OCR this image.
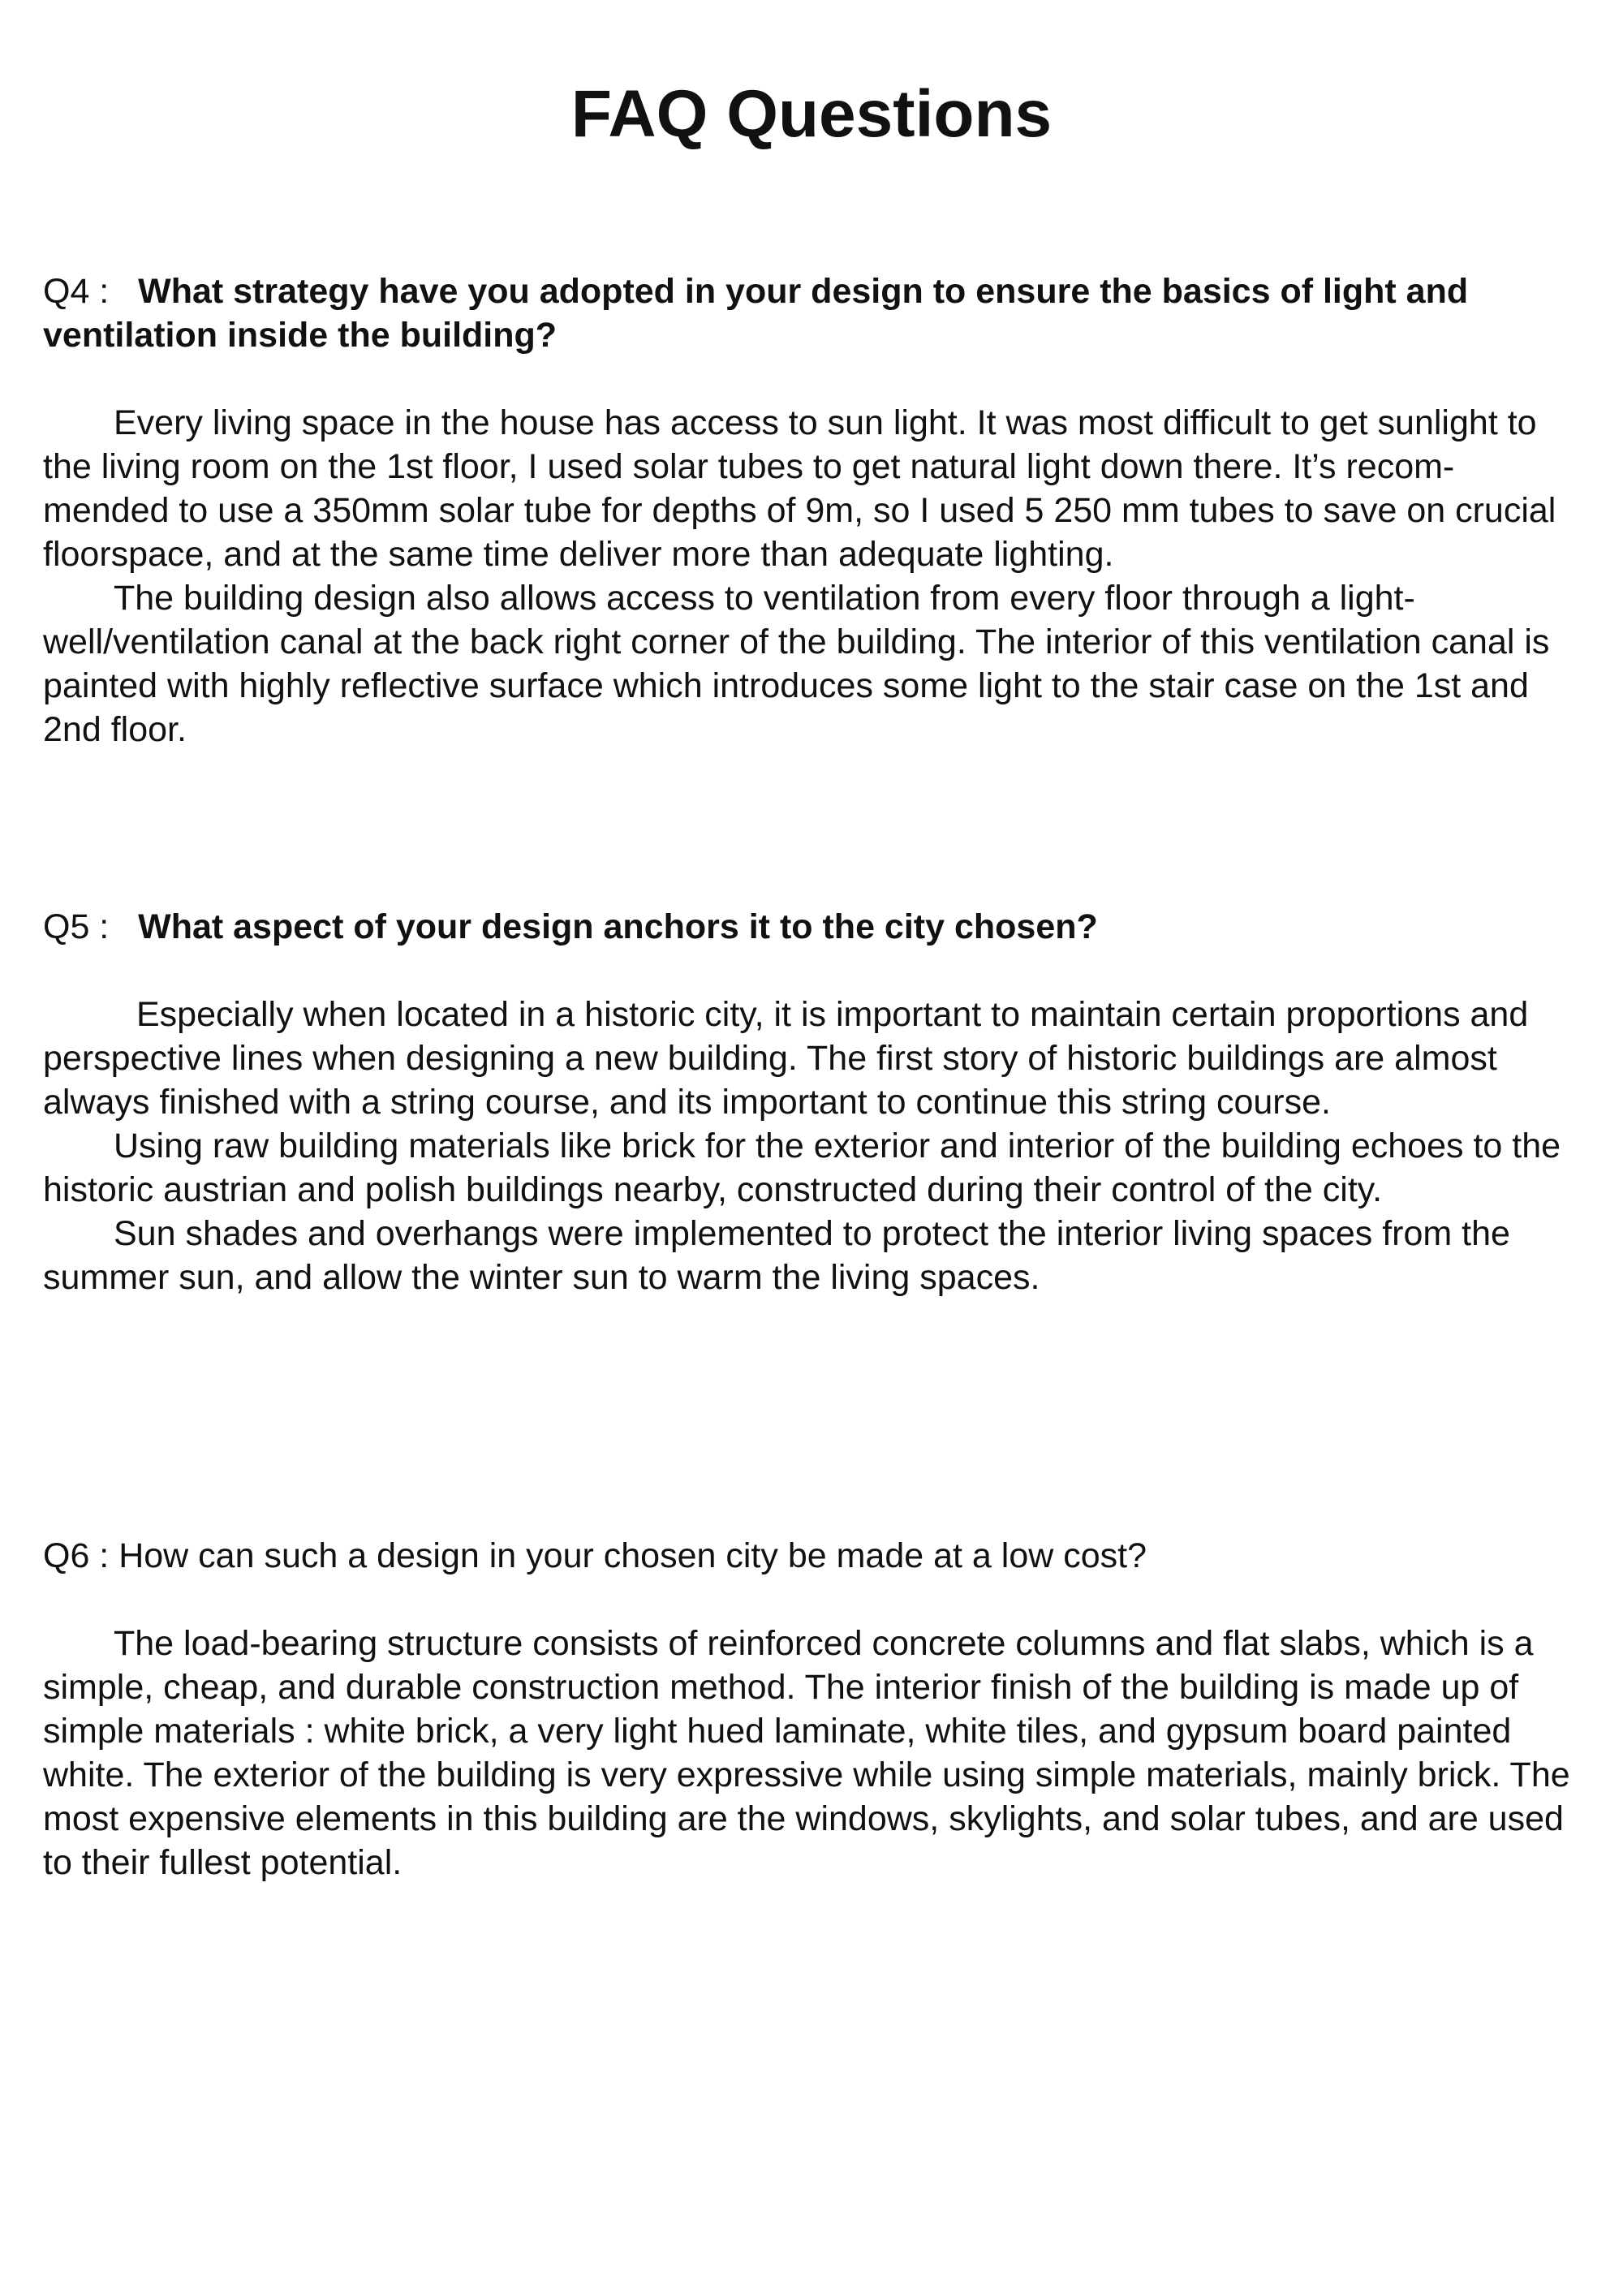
FAQ Questions

Q4 : What strategy have you adopted in your design to ensure the basics of light and ventilation inside the building?

Every living space in the house has access to sun light. It was most difficult to get sunlight to the living room on the 1st floor, I used solar tubes to get natural light down there. It’s recom-mended to use a 350mm solar tube for depths of 9m, so I used 5 250 mm tubes to save on crucial floorspace, and at the same time deliver more than adequate lighting.

The building design also allows access to ventilation from every floor through a light-well/ventilation canal at the back right corner of the building. The interior of this ventilation canal is painted with highly reflective surface which introduces some light to the stair case on the 1st and 2nd floor.

Q5 : What aspect of your design anchors it to the city chosen?

Especially when located in a historic city, it is important to maintain certain proportions and perspective lines when designing a new building. The first story of historic buildings are almost always finished with a string course, and its important to continue this string course.

Using raw building materials like brick for the exterior and interior of the building echoes to the historic austrian and polish buildings nearby, constructed during their control of the city.

Sun shades and overhangs were implemented to protect the interior living spaces from the summer sun, and allow the winter sun to warm the living spaces.

Q6 : How can such a design in your chosen city be made at a low cost?

The load-bearing structure consists of reinforced concrete columns and flat slabs, which is a simple, cheap, and durable construction method. The interior finish of the building is made up of simple materials : white brick, a very light hued laminate, white tiles, and gypsum board painted white. The exterior of the building is very expressive while using simple materials, mainly brick. The most expensive elements in this building are the windows, skylights, and solar tubes, and are used to their fullest potential.
